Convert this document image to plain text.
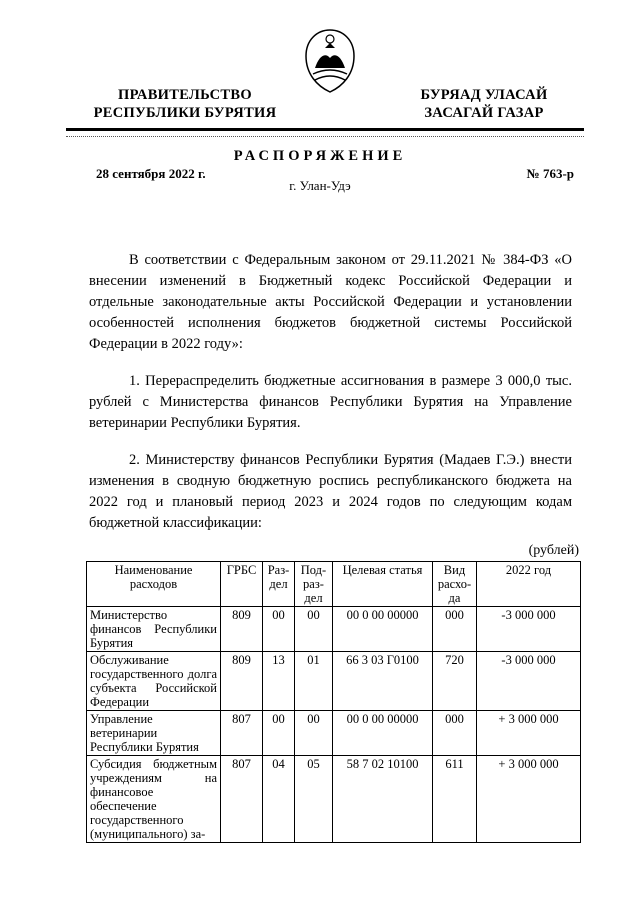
ПРАВИТЕЛЬСТВО
РЕСПУБЛИКИ БУРЯТИЯ
БУРЯАД УЛАСАЙ
ЗАСАГАЙ ГАЗАР
РАСПОРЯЖЕНИЕ
28 сентября 2022 г.	№ 763-р
г. Улан-Удэ

В соответствии с Федеральным законом от 29.11.2021 № 384-ФЗ «О внесении изменений в Бюджетный кодекс Российской Федерации и отдельные законодательные акты Российской Федерации и установлении особенностей исполнения бюджетов бюджетной системы Российской Федерации в 2022 году»:

1. Перераспределить бюджетные ассигнования в размере 3 000,0 тыс. рублей с Министерства финансов Республики Бурятия на Управление ветеринарии Республики Бурятия.

2. Министерству финансов Республики Бурятия (Мадаев Г.Э.) внести изменения в сводную бюджетную роспись республиканского бюджета на 2022 год и плановый период 2023 и 2024 годов по следующим кодам бюджетной классификации:

(рублей)
Наименование расходов	ГРБС	Раз-дел	Под-раз-дел	Целевая статья	Вид расхо-да	2022 год
Министерство финансов Республики Бурятия	809	00	00	00 0 00 00000	000	-3 000 000
Обслуживание государственного долга субъекта Российской Федерации	809	13	01	66 3 03 Г0100	720	-3 000 000
Управление ветеринарии Республики Бурятия	807	00	00	00 0 00 00000	000	+ 3 000 000
Субсидия бюджетным учреждениям на финансовое обеспечение государственного (муниципального) за-	807	04	05	58 7 02 10100	611	+ 3 000 000
